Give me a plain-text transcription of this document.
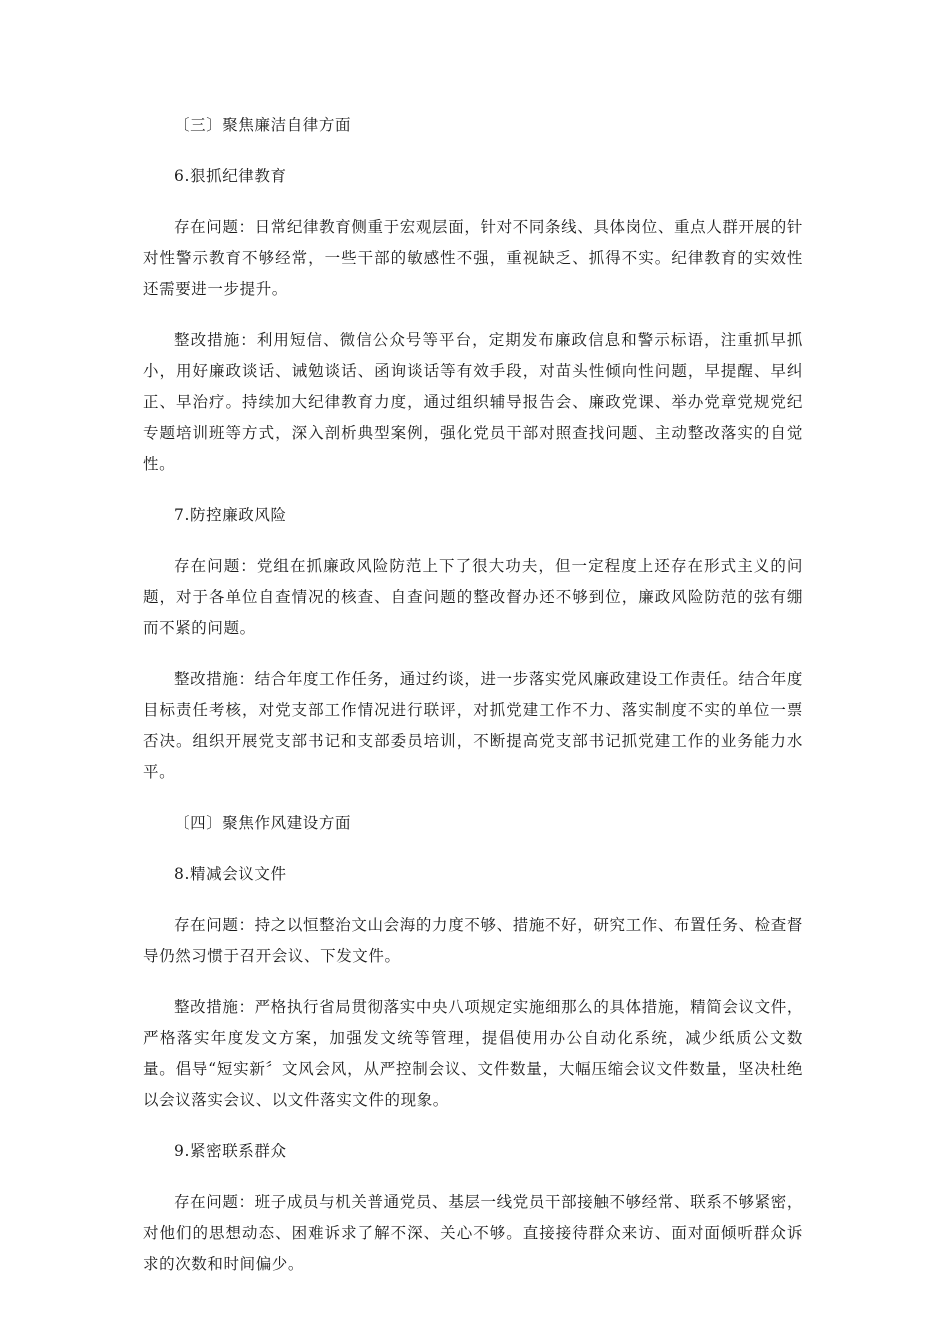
〔三〕聚焦廉洁自律方面

6.狠抓纪律教育

存在问题：日常纪律教育侧重于宏观层面，针对不同条线、具体岗位、重点人群开展的针对性警示教育不够经常，一些干部的敏感性不强，重视缺乏、抓得不实。纪律教育的实效性还需要进一步提升。

整改措施：利用短信、微信公众号等平台，定期发布廉政信息和警示标语，注重抓早抓小，用好廉政谈话、诫勉谈话、函询谈话等有效手段，对苗头性倾向性问题，早提醒、早纠正、早治疗。持续加大纪律教育力度，通过组织辅导报告会、廉政党课、举办党章党规党纪专题培训班等方式，深入剖析典型案例，强化党员干部对照查找问题、主动整改落实的自觉性。

7.防控廉政风险

存在问题：党组在抓廉政风险防范上下了很大功夫，但一定程度上还存在形式主义的问题，对于各单位自查情况的核查、自查问题的整改督办还不够到位，廉政风险防范的弦有绷而不紧的问题。

整改措施：结合年度工作任务，通过约谈，进一步落实党风廉政建设工作责任。结合年度目标责任考核，对党支部工作情况进行联评，对抓党建工作不力、落实制度不实的单位一票否决。组织开展党支部书记和支部委员培训，不断提高党支部书记抓党建工作的业务能力水平。

〔四〕聚焦作风建设方面

8.精减会议文件

存在问题：持之以恒整治文山会海的力度不够、措施不好，研究工作、布置任务、检查督导仍然习惯于召开会议、下发文件。

整改措施：严格执行省局贯彻落实中央八项规定实施细那么的具体措施，精简会议文件，严格落实年度发文方案，加强发文统等管理，提倡使用办公自动化系统，减少纸质公文数量。倡导“短实新〞文风会风，从严控制会议、文件数量，大幅压缩会议文件数量，坚决杜绝以会议落实会议、以文件落实文件的现象。

9.紧密联系群众

存在问题：班子成员与机关普通党员、基层一线党员干部接触不够经常、联系不够紧密，对他们的思想动态、困难诉求了解不深、关心不够。直接接待群众来访、面对面倾听群众诉求的次数和时间偏少。
